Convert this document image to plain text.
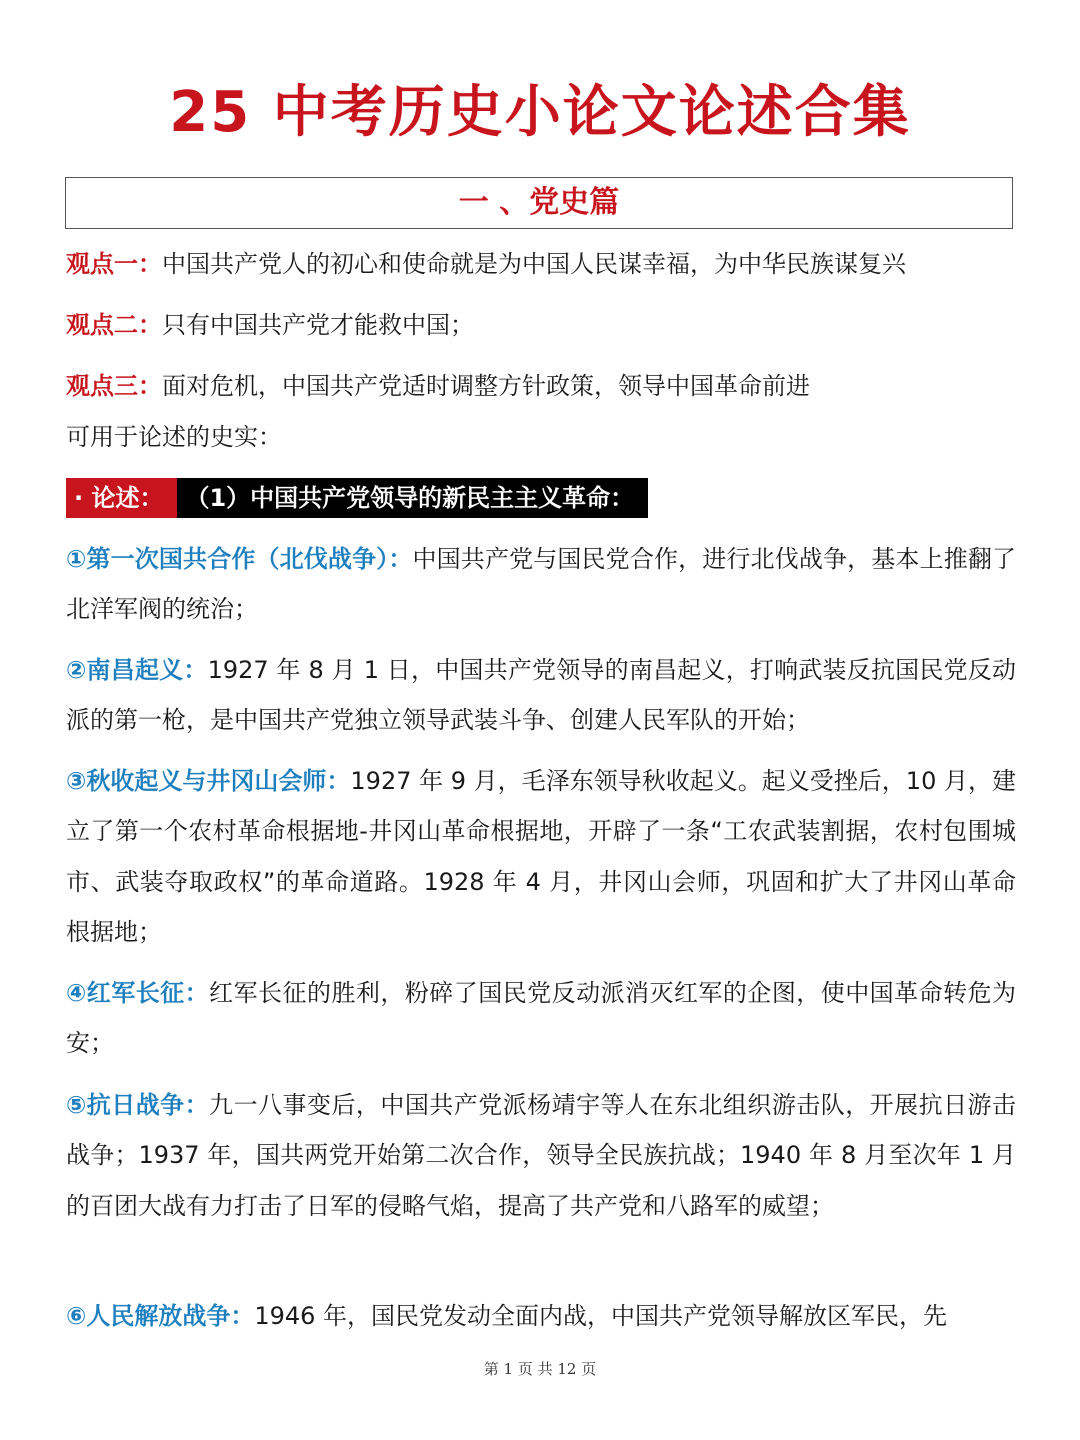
25 中考历史小论文论述合集
一 、党史篇
观点一：中国共产党人的初心和使命就是为中国人民谋幸福，为中华民族谋复兴
观点二：只有中国共产党才能救中国；
观点三：面对危机，中国共产党适时调整方针政策，领导中国革命前进
可用于论述的史实：
· 论述： （1）中国共产党领导的新民主主义革命：
①第一次国共合作（北伐战争）：中国共产党与国民党合作，进行北伐战争，基本上推翻了北洋军阀的统治；
②南昌起义：1927 年 8 月 1 日，中国共产党领导的南昌起义，打响武装反抗国民党反动派的第一枪，是中国共产党独立领导武装斗争、创建人民军队的开始；
③秋收起义与井冈山会师：1927 年 9 月，毛泽东领导秋收起义。起义受挫后，10 月，建立了第一个农村革命根据地-井冈山革命根据地，开辟了一条“工农武装割据，农村包围城市、武装夺取政权”的革命道路。1928 年 4 月，井冈山会师，巩固和扩大了井冈山革命根据地；
④红军长征：红军长征的胜利，粉碎了国民党反动派消灭红军的企图，使中国革命转危为安；
⑤抗日战争：九一八事变后，中国共产党派杨靖宇等人在东北组织游击队，开展抗日游击战争；1937 年，国共两党开始第二次合作，领导全民族抗战；1940 年 8 月至次年 1 月的百团大战有力打击了日军的侵略气焰，提高了共产党和八路军的威望；
⑥人民解放战争：1946 年，国民党发动全面内战，中国共产党领导解放区军民，先
第 1 页 共 12 页
